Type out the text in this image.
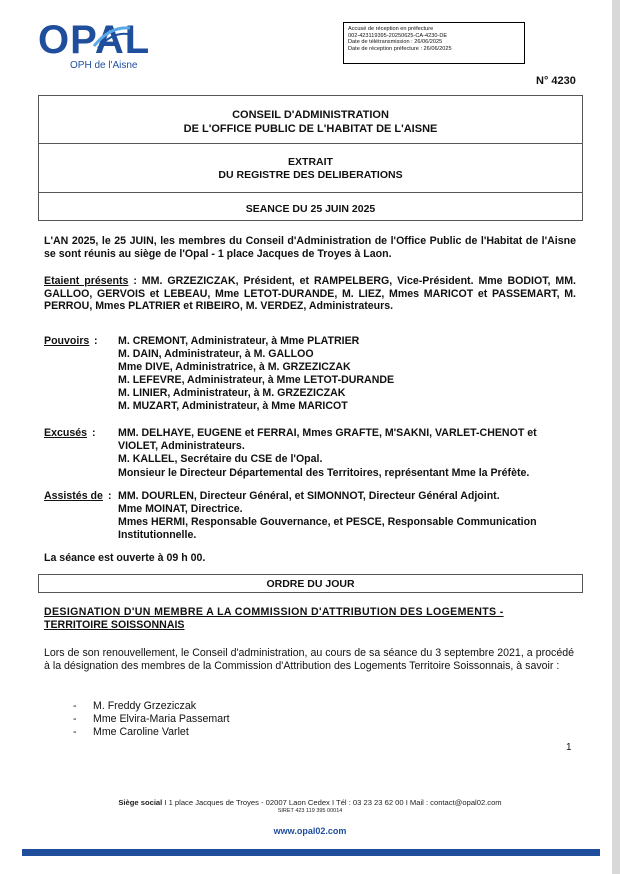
OPAL
OPH de l'Aisne
Accusé de réception en préfecture
002-423119395-20250625-CA-4230-DE
Date de télétransmission : 26/06/2025
Date de réception préfecture : 26/06/2025
N° 4230
CONSEIL D'ADMINISTRATION
DE L'OFFICE PUBLIC DE L'HABITAT DE L'AISNE
EXTRAIT
DU REGISTRE DES DELIBERATIONS
SEANCE DU 25 JUIN 2025
L'AN 2025, le 25 JUIN, les membres du Conseil d'Administration de l'Office Public de l'Habitat de l'Aisne se sont réunis au siège de l'Opal - 1 place Jacques de Troyes à Laon.
Etaient présents : MM. GRZEZICZAK, Président, et RAMPELBERG, Vice-Président. Mme BODIOT, MM. GALLOO, GERVOIS et LEBEAU, Mme LETOT-DURANDE, M. LIEZ, Mmes MARICOT et PASSEMART, M. PERROU, Mmes PLATRIER et RIBEIRO, M. VERDEZ, Administrateurs.
Pouvoirs : M. CREMONT, Administrateur, à Mme PLATRIER
M. DAIN, Administrateur, à M. GALLOO
Mme DIVE, Administratrice, à M. GRZEZICZAK
M. LEFEVRE, Administrateur, à Mme LETOT-DURANDE
M. LINIER, Administrateur, à M. GRZEZICZAK
M. MUZART, Administrateur, à Mme MARICOT
Excusés : MM. DELHAYE, EUGENE et FERRAI, Mmes GRAFTE, M'SAKNI, VARLET-CHENOT et VIOLET, Administrateurs.
M. KALLEL, Secrétaire du CSE de l'Opal.
Monsieur le Directeur Départemental des Territoires, représentant Mme la Préfète.
Assistés de : MM. DOURLEN, Directeur Général, et SIMONNOT, Directeur Général Adjoint.
Mme MOINAT, Directrice.
Mmes HERMI, Responsable Gouvernance, et PESCE, Responsable Communication Institutionnelle.
La séance est ouverte à 09 h 00.
ORDRE DU JOUR
DESIGNATION D'UN MEMBRE A LA COMMISSION D'ATTRIBUTION DES LOGEMENTS -
TERRITOIRE SOISSONNAIS
Lors de son renouvellement, le Conseil d'administration, au cours de sa séance du 3 septembre 2021, a procédé à la désignation des membres de la Commission d'Attribution des Logements Territoire Soissonnais, à savoir :
- M. Freddy Grzeziczak
- Mme Elvira-Maria Passemart
- Mme Caroline Varlet
1
Siège social I 1 place Jacques de Troyes - 02007 Laon Cedex I Tél : 03 23 23 62 00 I Mail : contact@opal02.com
SIRET 423 119 395 00014
www.opal02.com
